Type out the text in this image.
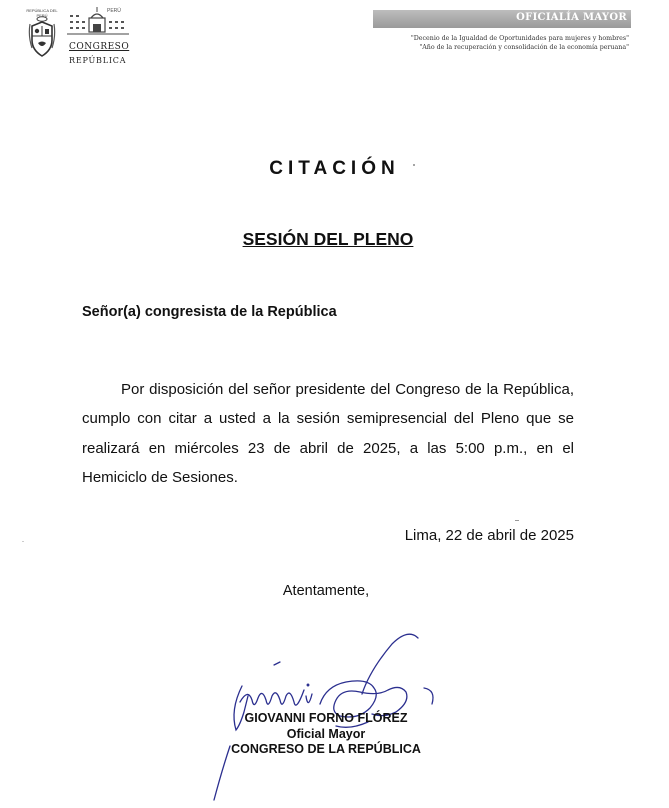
REPÚBLICA DEL PERÚ
PERÚ
CONGRESO
REPÚBLICA
OFICIALÍA MAYOR
"Decenio de la Igualdad de Oportunidades para mujeres y hombres"
"Año de la recuperación y consolidación de la economía peruana"
CITACIÓN
SESIÓN DEL PLENO
Señor(a) congresista de la República
Por disposición del señor presidente del Congreso de la República, cumplo con citar a usted a la sesión semipresencial del Pleno que se realizará en miércoles 23 de abril de 2025, a las 5:00 p.m., en el Hemiciclo de Sesiones.
Lima, 22 de abril de 2025
Atentamente,
GIOVANNI FORNO FLÓREZ
Oficial Mayor
CONGRESO DE LA REPÚBLICA
